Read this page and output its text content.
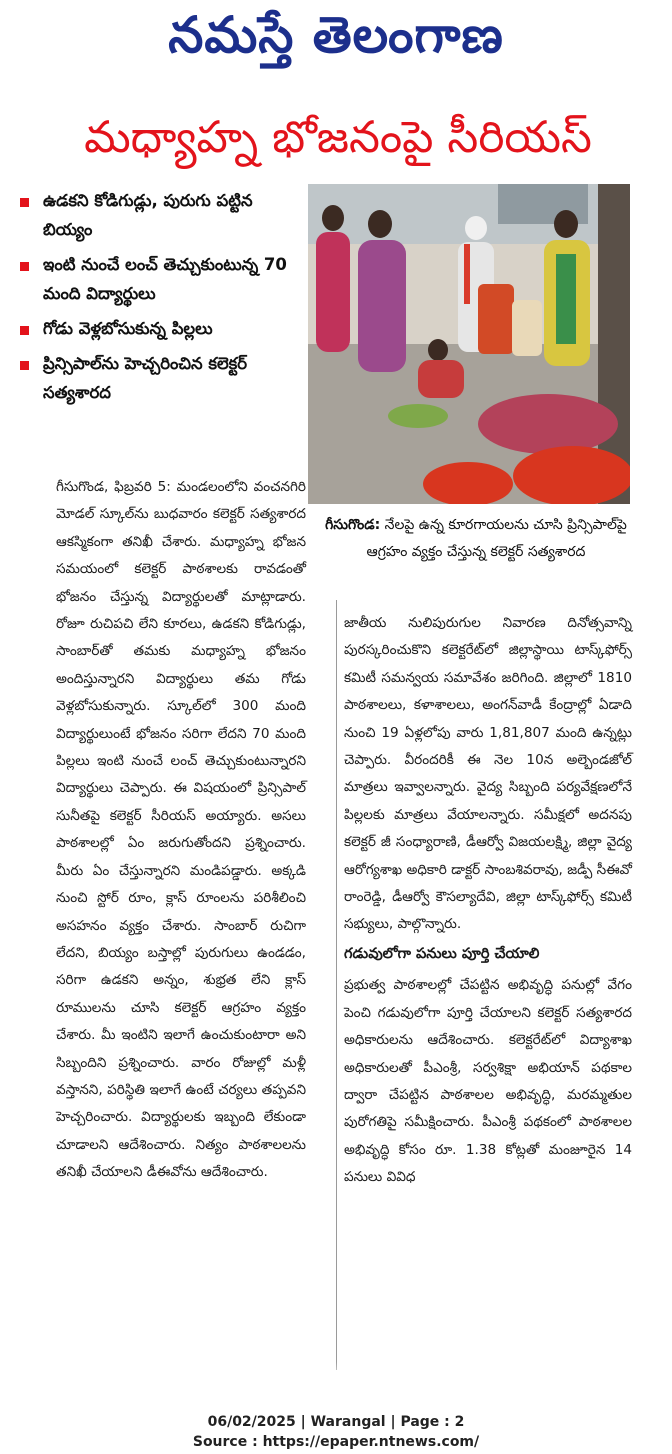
నమస్తే తెలంగాణ
మధ్యాహ్న భోజనంపై సీరియస్
ఉడకని కోడిగుడ్లు, పురుగు పట్టిన బియ్యం
ఇంటి నుంచే లంచ్ తెచ్చుకుంటున్న 70 మంది విద్యార్థులు
గోడు వెళ్లబోసుకున్న పిల్లలు
ప్రిన్సిపాల్‌ను హెచ్చరించిన కలెక్టర్ సత్యశారద
గీసుగొండ: నేలపై ఉన్న కూరగాయలను చూసి ప్రిన్సిపాల్‌పై ఆగ్రహం వ్యక్తం చేస్తున్న కలెక్టర్ సత్యశారద

గీసుగొండ, ఫిబ్రవరి 5: మండలంలోని వంచనగిరి మోడల్ స్కూల్‌ను బుధవారం కలెక్టర్ సత్యశారద ఆకస్మికంగా తనిఖీ చేశారు. మధ్యాహ్న భోజన సమయంలో కలెక్టర్ పాఠశాలకు రావడంతో భోజనం చేస్తున్న విద్యార్థులతో మాట్లాడారు. రోజూ రుచిపచి లేని కూరలు, ఉడకని కోడిగుడ్లు, సాంబార్‌తో తమకు మధ్యాహ్న భోజనం అందిస్తున్నారని విద్యార్థులు తమ గోడు వెళ్లబోసుకున్నారు. స్కూల్‌లో 300 మంది విద్యార్థులుంటే భోజనం సరిగా లేదని 70 మంది పిల్లలు ఇంటి నుంచే లంచ్ తెచ్చుకుంటున్నారని విద్యార్థులు చెప్పారు. ఈ విషయంలో ప్రిన్సిపాల్ సునీతపై కలెక్టర్ సీరియస్ అయ్యారు. అసలు పాఠశాలల్లో ఏం జరుగుతోందని ప్రశ్నించారు. మీరు ఏం చేస్తున్నారని మండిపడ్డారు. అక్కడి నుంచి స్టోర్ రూం, క్లాస్ రూంలను పరిశీలించి అసహనం వ్యక్తం చేశారు. సాంబార్ రుచిగా లేదని, బియ్యం బస్తాల్లో పురుగులు ఉండడం, సరిగా ఉడకని అన్నం, శుభ్రత లేని క్లాస్ రూములను చూసి కలెక్టర్ ఆగ్రహం వ్యక్తం చేశారు. మీ ఇంటిని ఇలాగే ఉంచుకుంటారా అని సిబ్బందిని ప్రశ్నించారు. వారం రోజుల్లో మళ్లీ వస్తానని, పరిస్థితి ఇలాగే ఉంటే చర్యలు తప్పవని హెచ్చరించారు. విద్యార్థులకు ఇబ్బంది లేకుండా చూడాలని ఆదేశించారు. నిత్యం పాఠశాలలను తనిఖీ చేయాలని డీఈవోను ఆదేశించారు.

జాతీయ నులిపురుగుల నివారణ దినోత్సవాన్ని పురస్కరించుకొని కలెక్టరేట్‌లో జిల్లాస్థాయి టాస్క్‌ఫోర్స్ కమిటీ సమన్వయ సమావేశం జరిగింది. జిల్లాలో 1810 పాఠశాలలు, కళాశాలలు, అంగన్‌వాడీ కేంద్రాల్లో ఏడాది నుంచి 19 ఏళ్లలోపు వారు 1,81,807 మంది ఉన్నట్లు చెప్పారు. వీరందరికీ ఈ నెల 10న అల్బెండజోల్ మాత్రలు ఇవ్వాలన్నారు. వైద్య సిబ్బంది పర్యవేక్షణలోనే పిల్లలకు మాత్రలు వేయాలన్నారు. సమీక్షలో అదనపు కలెక్టర్ జీ సంధ్యారాణి, డీఆర్వో విజయలక్ష్మి, జిల్లా వైద్య ఆరోగ్యశాఖ అధికారి డాక్టర్ సాంబశివరావు, జడ్పీ సీఈవో రాంరెడ్డి, డీఆర్వో కౌసల్యాదేవి, జిల్లా టాస్క్‌ఫోర్స్ కమిటీ సభ్యులు, పాల్గొన్నారు.

గడువులోగా పనులు పూర్తి చేయాలి

ప్రభుత్వ పాఠశాలల్లో చేపట్టిన అభివృద్ధి పనుల్లో వేగం పెంచి గడువులోగా పూర్తి చేయాలని కలెక్టర్ సత్యశారద అధికారులను ఆదేశించారు. కలెక్టరేట్‌లో విద్యాశాఖ అధికారులతో పీఎంశ్రీ, సర్వశిక్షా అభియాన్ పథకాల ద్వారా చేపట్టిన పాఠశాలల అభివృద్ధి, మరమ్మతుల పురోగతిపై సమీక్షించారు. పీఎంశ్రీ పథకంలో పాఠశాలల అభివృద్ధి కోసం రూ. 1.38 కోట్లతో మంజూరైన 14 పనులు వివిధ

06/02/2025 | Warangal | Page : 2
Source : https://epaper.ntnews.com/
